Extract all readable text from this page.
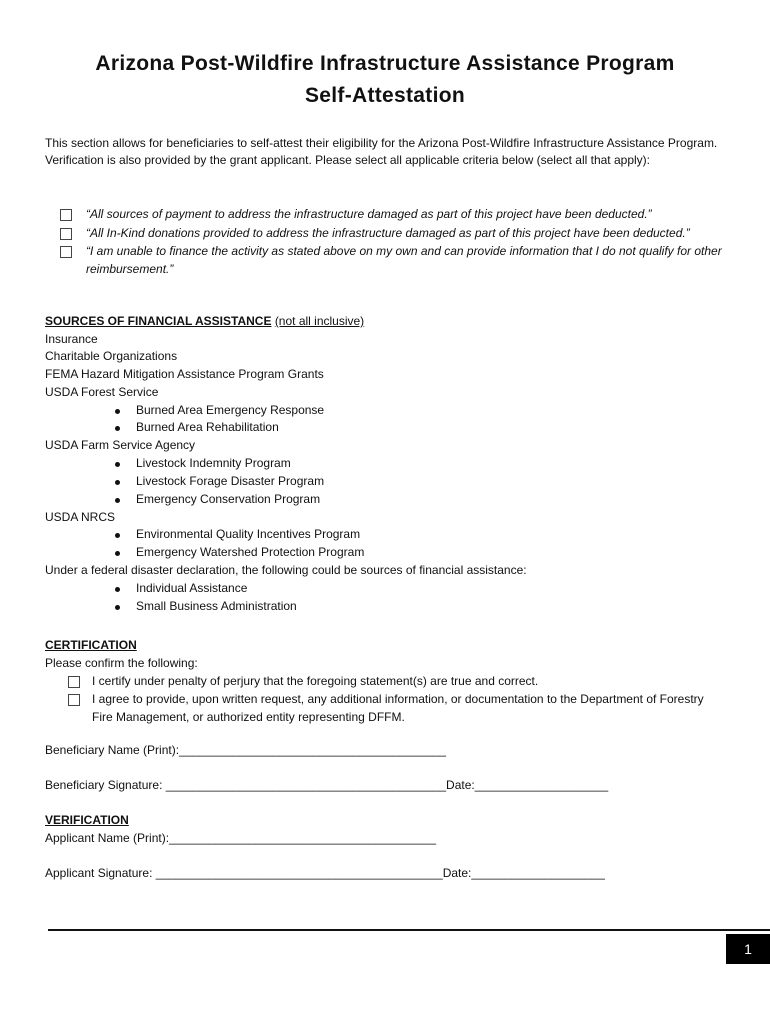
Arizona Post-Wildfire Infrastructure Assistance Program
Self-Attestation
This section allows for beneficiaries to self-attest their eligibility for the Arizona Post-Wildfire Infrastructure Assistance Program. Verification is also provided by the grant applicant. Please select all applicable criteria below (select all that apply):
“All sources of payment to address the infrastructure damaged as part of this project have been deducted.”
“All In-Kind donations provided to address the infrastructure damaged as part of this project have been deducted.”
“I am unable to finance the activity as stated above on my own and can provide information that I do not qualify for other reimbursement.”
SOURCES OF FINANCIAL ASSISTANCE (not all inclusive)
Insurance
Charitable Organizations
FEMA Hazard Mitigation Assistance Program Grants
USDA Forest Service
Burned Area Emergency Response
Burned Area Rehabilitation
USDA Farm Service Agency
Livestock Indemnity Program
Livestock Forage Disaster Program
Emergency Conservation Program
USDA NRCS
Environmental Quality Incentives Program
Emergency Watershed Protection Program
Under a federal disaster declaration, the following could be sources of financial assistance:
Individual Assistance
Small Business Administration
CERTIFICATION
Please confirm the following:
I certify under penalty of perjury that the foregoing statement(s) are true and correct.
I agree to provide, upon written request, any additional information, or documentation to the Department of Forestry Fire Management, or authorized entity representing DFFM.
Beneficiary Name (Print):________________________________________
Beneficiary Signature: __________________________________________Date:____________________
VERIFICATION
Applicant Name (Print):________________________________________
Applicant Signature: ___________________________________________Date:____________________
1
